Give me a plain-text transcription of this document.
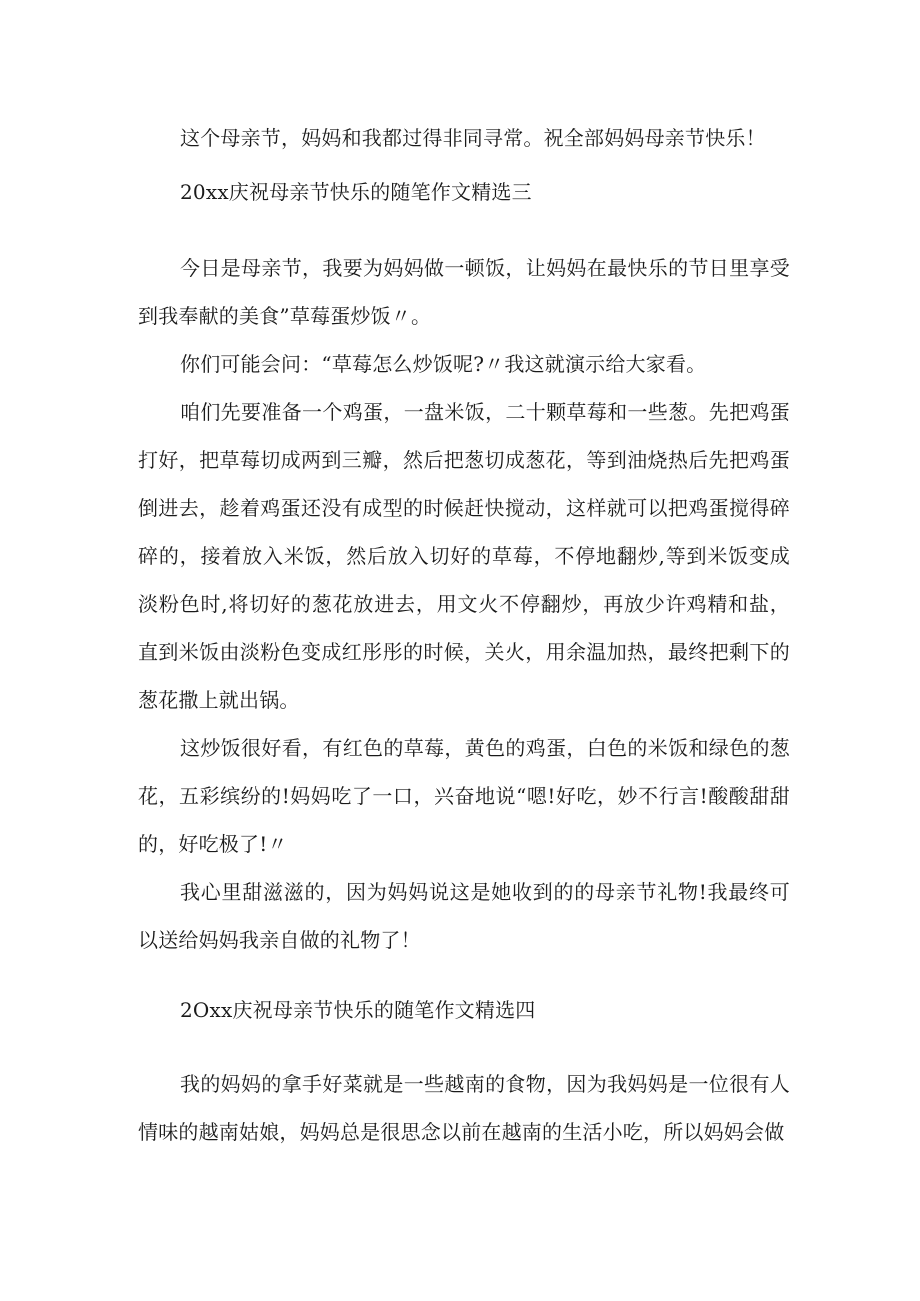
这个母亲节，妈妈和我都过得非同寻常。祝全部妈妈母亲节快乐！

20xx庆祝母亲节快乐的随笔作文精选三

今日是母亲节，我要为妈妈做一顿饭，让妈妈在最快乐的节日里享受到我奉献的美食”草莓蛋炒饭〃。

你们可能会问：“草莓怎么炒饭呢?〃我这就演示给大家看。

咱们先要准备一个鸡蛋，一盘米饭，二十颗草莓和一些葱。先把鸡蛋打好，把草莓切成两到三瓣，然后把葱切成葱花，等到油烧热后先把鸡蛋倒进去，趁着鸡蛋还没有成型的时候赶快搅动，这样就可以把鸡蛋搅得碎碎的，接着放入米饭，然后放入切好的草莓，不停地翻炒,等到米饭变成淡粉色时,将切好的葱花放进去，用文火不停翻炒，再放少许鸡精和盐，直到米饭由淡粉色变成红彤彤的时候，关火，用余温加热，最终把剩下的葱花撒上就出锅。

这炒饭很好看，有红色的草莓，黄色的鸡蛋，白色的米饭和绿色的葱花，五彩缤纷的!妈妈吃了一口，兴奋地说“嗯!好吃，妙不行言!酸酸甜甜的，好吃极了!〃

我心里甜滋滋的，因为妈妈说这是她收到的的母亲节礼物!我最终可以送给妈妈我亲自做的礼物了！

2Oxx庆祝母亲节快乐的随笔作文精选四

我的妈妈的拿手好菜就是一些越南的食物，因为我妈妈是一位很有人情味的越南姑娘，妈妈总是很思念以前在越南的生活小吃，所以妈妈会做
